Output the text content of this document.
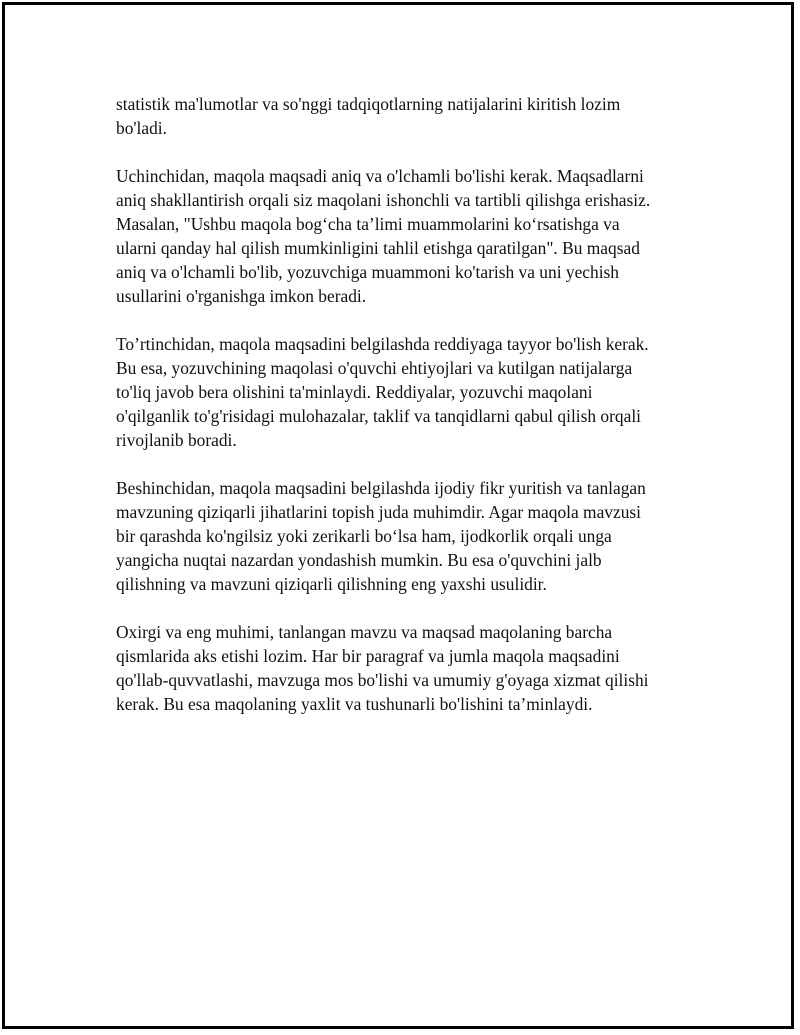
statistik ma'lumotlar va so'nggi tadqiqotlarning natijalarini kiritish lozim
bo'ladi.

Uchinchidan, maqola maqsadi aniq va o'lchamli bo'lishi kerak. Maqsadlarni
aniq shakllantirish orqali siz maqolani ishonchli va tartibli qilishga erishasiz.
Masalan, "Ushbu maqola bog‘cha ta’limi muammolarini ko‘rsatishga va
ularni qanday hal qilish mumkinligini tahlil etishga qaratilgan". Bu maqsad
aniq va o'lchamli bo'lib, yozuvchiga muammoni ko'tarish va uni yechish
usullarini o'rganishga imkon beradi.

To’rtinchidan, maqola maqsadini belgilashda reddiyaga tayyor bo'lish kerak.
Bu esa, yozuvchining maqolasi o'quvchi ehtiyojlari va kutilgan natijalarga
to'liq javob bera olishini ta'minlaydi. Reddiyalar, yozuvchi maqolani
o'qilganlik to'g'risidagi mulohazalar, taklif va tanqidlarni qabul qilish orqali
rivojlanib boradi.

Beshinchidan, maqola maqsadini belgilashda ijodiy fikr yuritish va tanlagan
mavzuning qiziqarli jihatlarini topish juda muhimdir. Agar maqola mavzusi
bir qarashda ko'ngilsiz yoki zerikarli bo‘lsa ham, ijodkorlik orqali unga
yangicha nuqtai nazardan yondashish mumkin. Bu esa o'quvchini jalb
qilishning va mavzuni qiziqarli qilishning eng yaxshi usulidir.

Oxirgi va eng muhimi, tanlangan mavzu va maqsad maqolaning barcha
qismlarida aks etishi lozim. Har bir paragraf va jumla maqola maqsadini
qo'llab-quvvatlashi, mavzuga mos bo'lishi va umumiy g'oyaga xizmat qilishi
kerak. Bu esa maqolaning yaxlit va tushunarli bo'lishini ta’minlaydi.
